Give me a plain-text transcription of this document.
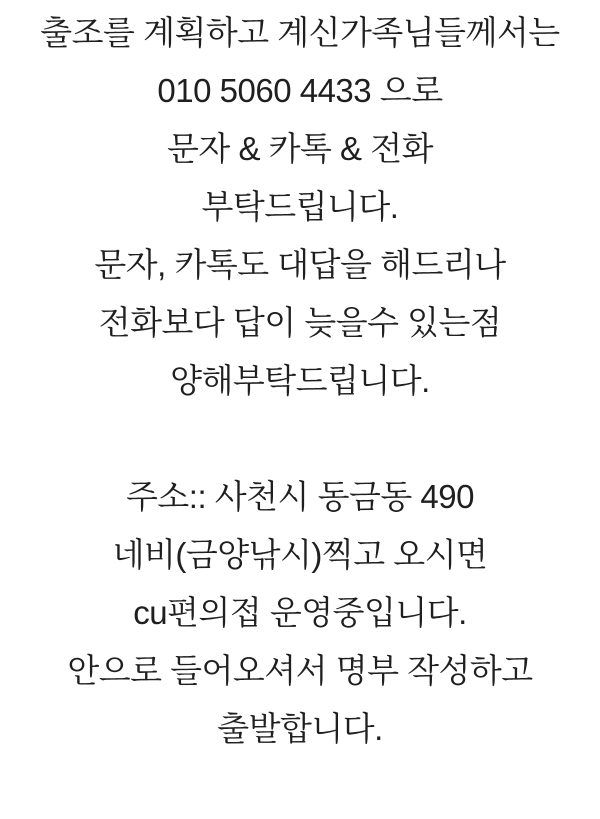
출조를 계획하고 계신가족님들께서는
010 5060 4433 으로
문자 & 카톡 & 전화
부탁드립니다.
문자, 카톡도 대답을 해드리나
전화보다 답이 늦을수 있는점
양해부탁드립니다.
주소:: 사천시 동금동 490
네비(금양낚시)찍고 오시면
cu편의접 운영중입니다.
안으로 들어오셔서 명부 작성하고
출발합니다.
